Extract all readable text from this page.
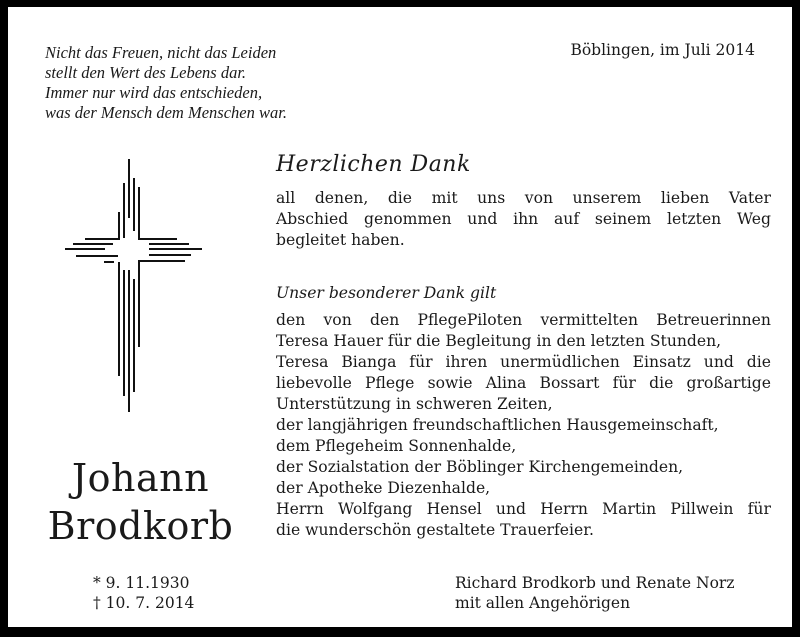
Nicht das Freuen, nicht das Leiden
stellt den Wert des Lebens dar.
Immer nur wird das entschieden,
was der Mensch dem Menschen war.
Böblingen, im Juli 2014
Johann
Brodkorb
* 9. 11.1930
† 10. 7. 2014
Herzlichen Dank
all denen, die mit uns von unserem lieben Vater
Abschied genommen und ihn auf seinem letzten Weg
begleitet haben.
Unser besonderer Dank gilt
den von den PflegePiloten vermittelten Betreuerinnen
Teresa Hauer für die Begleitung in den letzten Stunden,
Teresa Bianga für ihren unermüdlichen Einsatz und die
liebevolle Pflege sowie Alina Bossart für die großartige
Unterstützung in schweren Zeiten,
der langjährigen freundschaftlichen Hausgemeinschaft,
dem Pflegeheim Sonnenhalde,
der Sozialstation der Böblinger Kirchengemeinden,
der Apotheke Diezenhalde,
Herrn Wolfgang Hensel und Herrn Martin Pillwein für
die wunderschön gestaltete Trauerfeier.
Richard Brodkorb und Renate Norz
mit allen Angehörigen
